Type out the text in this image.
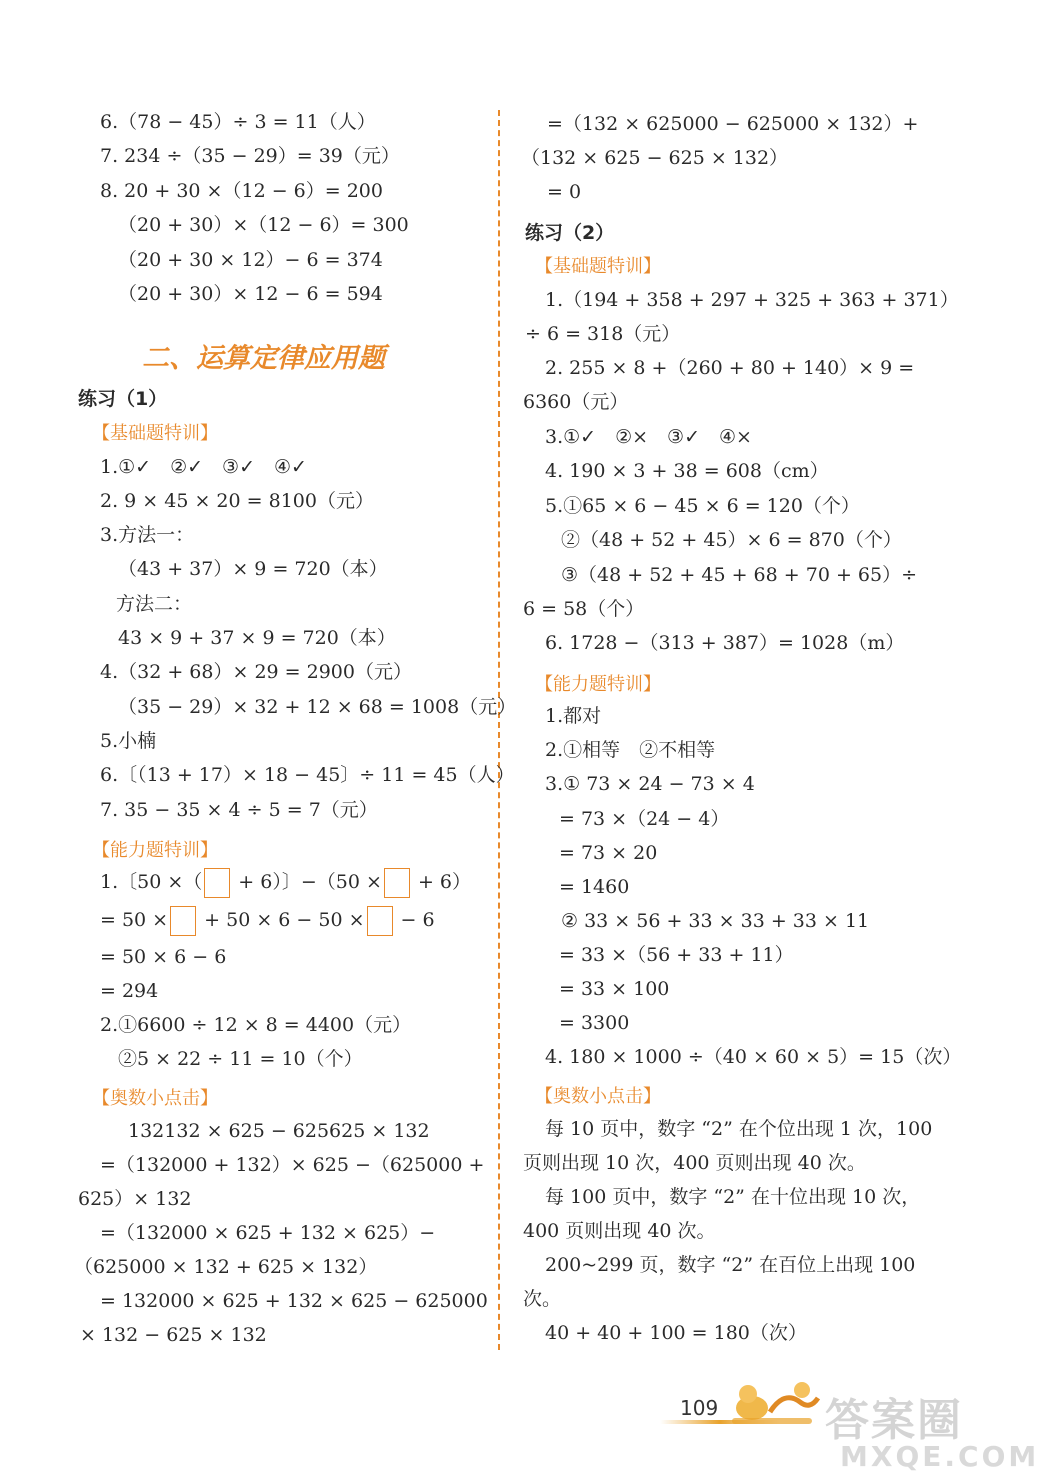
6.（78 − 45）÷ 3 = 11（人）
7. 234 ÷（35 − 29）= 39（元）
8. 20 + 30 ×（12 − 6）= 200
（20 + 30）×（12 − 6）= 300
（20 + 30 × 12）− 6 = 374
（20 + 30）× 12 − 6 = 594
练习（1）
【基础题特训】
1.①✓　②✓　③✓　④✓
2. 9 × 45 × 20 = 8100（元）
3.方法一：
（43 + 37）× 9 = 720（本）
方法二：
43 × 9 + 37 × 9 = 720（本）
4.（32 + 68）× 29 = 2900（元）
（35 − 29）× 32 + 12 × 68 = 1008（元）
5.小楠
6.〔（13 + 17）× 18 − 45〕÷ 11 = 45（人）
7. 35 − 35 × 4 ÷ 5 = 7（元）
【能力题特训】
1.〔50 ×（ + 6）〕−（50 × + 6）
= 50 × + 50 × 6 − 50 × − 6
= 50 × 6 − 6
= 294
2.①6600 ÷ 12 × 8 = 4400（元）
②5 × 22 ÷ 11 = 10（个）
【奥数小点击】
132132 × 625 − 625625 × 132
=（132000 + 132）× 625 −（625000 +
625）× 132
=（132000 × 625 + 132 × 625）−
（625000 × 132 + 625 × 132）
= 132000 × 625 + 132 × 625 − 625000
× 132 − 625 × 132
二、运算定律应用题
=（132 × 625000 − 625000 × 132）+
（132 × 625 − 625 × 132）
= 0
练习（2）
【基础题特训】
1.（194 + 358 + 297 + 325 + 363 + 371）
÷ 6 = 318（元）
2. 255 × 8 +（260 + 80 + 140）× 9 =
6360（元）
3.①✓　②×　③✓　④×
4. 190 × 3 + 38 = 608（cm）
5.①65 × 6 − 45 × 6 = 120（个）
②（48 + 52 + 45）× 6 = 870（个）
③（48 + 52 + 45 + 68 + 70 + 65）÷
6 = 58（个）
6. 1728 −（313 + 387）= 1028（m）
【能力题特训】
1.都对
2.①相等　②不相等
3.① 73 × 24 − 73 × 4
= 73 ×（24 − 4）
= 73 × 20
= 1460
② 33 × 56 + 33 × 33 + 33 × 11
= 33 ×（56 + 33 + 11）
= 33 × 100
= 3300
4. 180 × 1000 ÷（40 × 60 × 5）= 15（次）
【奥数小点击】
每 10 页中，数字 “2” 在个位出现 1 次，100
页则出现 10 次，400 页则出现 40 次。
每 100 页中，数字 “2” 在十位出现 10 次，
400 页则出现 40 次。
200~299 页，数字 “2” 在百位上出现 100
次。
40 + 40 + 100 = 180（次）
109 答案圈
MXQE.COM
